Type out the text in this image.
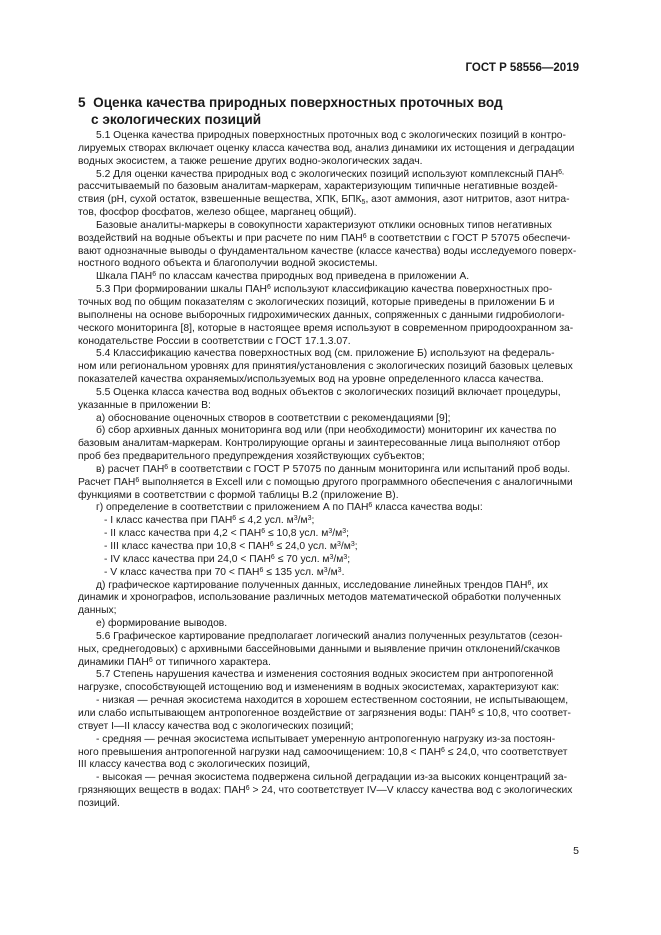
ГОСТ Р 58556—2019
5 Оценка качества природных поверхностных проточных вод
с экологических позиций
5.1 Оценка качества природных поверхностных проточных вод с экологических позиций в контро-
лируемых створах включает оценку класса качества вод, анализ динамики их истощения и деградации
водных экосистем, а также решение других водно-экологических задач.
5.2 Для оценки качества природных вод с экологических позиций используют комплексный $ПАН^{6,}$
рассчитываемый по базовым аналитам-маркерам, характеризующим типичные негативные воздей-
ствия (рН, сухой остаток, взвешенные вещества, ХПК, $БПК_5$, азот аммония, азот нитритов, азот нитра-
тов, фосфор фосфатов, железо общее, марганец общий).
Базовые аналиты-маркеры в совокупности характеризуют отклики основных типов негативных
воздействий на водные объекты и при расчете по ним ПАН$^6$ в соответствии с ГОСТ Р 57075 обеспечи-
вают однозначные выводы о фундаментальном качестве (классе качества) воды исследуемого поверх-
ностного водного объекта и благополучии водной экосистемы.
Шкала ПАН$^6$ по классам качества природных вод приведена в приложении А.
5.3 При формировании шкалы ПАН$^6$ используют классификацию качества поверхностных про-
точных вод по общим показателям с экологических позиций, которые приведены в приложении Б и
выполнены на основе выборочных гидрохимических данных, сопряженных с данными гидробиологи-
ческого мониторинга [8], которые в настоящее время используют в современном природоохранном за-
конодательстве России в соответствии с ГОСТ 17.1.3.07.
5.4 Классификацию качества поверхностных вод (см. приложение Б) используют на федераль-
ном или региональном уровнях для принятия/установления с экологических позиций базовых целевых
показателей качества охраняемых/используемых вод на уровне определенного класса качества.
5.5 Оценка класса качества вод водных объектов с экологических позиций включает процедуры,
указанные в приложении В:
а) обоснование оценочных створов в соответствии с рекомендациями [9];
б) сбор архивных данных мониторинга вод или (при необходимости) мониторинг их качества по
базовым аналитам-маркерам. Контролирующие органы и заинтересованные лица выполняют отбор
проб без предварительного предупреждения хозяйствующих субъектов;
в) расчет ПАН$^6$ в соответствии с ГОСТ Р 57075 по данным мониторинга или испытаний проб воды.
Расчет ПАН$^6$ выполняется в Excell или с помощью другого программного обеспечения с аналогичными
функциями в соответствии с формой таблицы В.2 (приложение В).
г) определение в соответствии с приложением А по ПАН$^6$ класса качества воды:
- I класс качества при $ПАН^6 \le 4,2$ усл. $м^3/м^3$;
- II класс качества при $4,2 < ПАН^6 \le 10,8$ усл. $м^3/м^3$;
- III класс качества при $10,8 < ПАН^6 \le 24,0$ усл. $м^3/м^3$;
- IV класс качества при $24,0 < ПАН^6 \le 70$ усл. $м^3/м^3$;
- V класс качества при $70 < ПАН^6 \le 135$ усл. $м^3/м^3$.
д) графическое картирование полученных данных, исследование линейных трендов ПАН$^6$, их
динамик и хронографов, использование различных методов математической обработки полученных
данных;
е) формирование выводов.
5.6 Графическое картирование предполагает логический анализ полученных результатов (сезон-
ных, среднегодовых) с архивными бассейновыми данными и выявление причин отклонений/скачков
динамики ПАН$^6$ от типичного характера.
5.7 Степень нарушения качества и изменения состояния водных экосистем при антропогенной
нагрузке, способствующей истощению вод и изменениям в водных экосистемах, характеризуют как:
- низкая — речная экосистема находится в хорошем естественном состоянии, не испытывающем,
или слабо испытывающем антропогенное воздействие от загрязнения воды: $ПАН^6 \le 10,8$, что соответ-
ствует I—II классу качества вод с экологических позиций;
- средняя — речная экосистема испытывает умеренную антропогенную нагрузку из-за постоян-
ного превышения антропогенной нагрузки над самоочищением: $10,8 < ПАН^6 \le 24,0$, что соответствует
III классу качества вод с экологических позиций,
- высокая — речная экосистема подвержена сильной деградации из-за высоких концентраций за-
грязняющих веществ в водах: $ПАН^6 > 24$, что соответствует IV—V классу качества вод с экологических
позиций.
5
